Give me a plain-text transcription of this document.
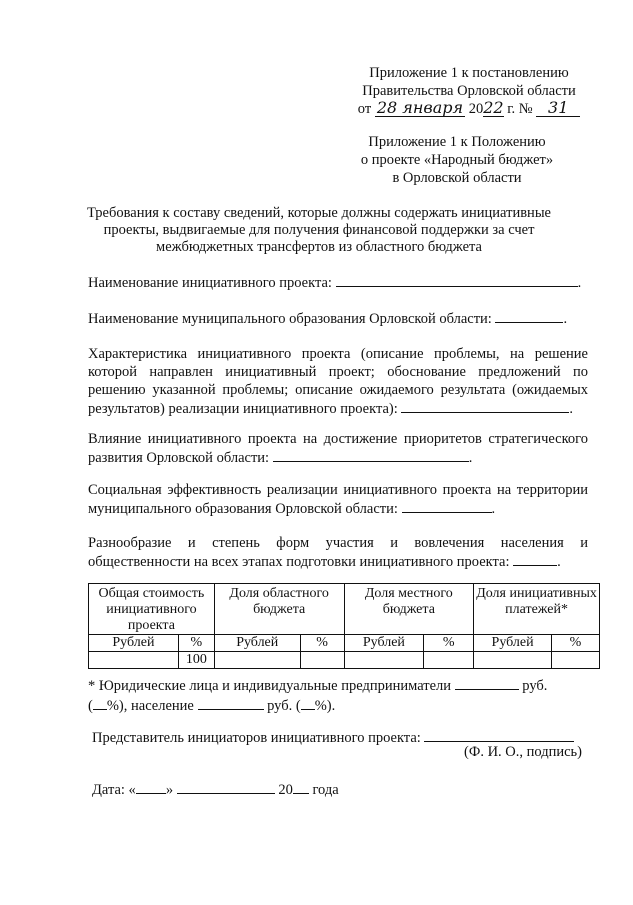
Приложение 1 к постановлению
Правительства Орловской области
от 28 января 2022 г. № 31
Приложение 1 к Положению
о проекте «Народный бюджет»
в Орловской области
Требования к составу сведений, которые должны содержать инициативные
проекты, выдвигаемые для получения финансовой поддержки за счет
межбюджетных трансфертов из областного бюджета
Наименование инициативного проекта:	.
Наименование муниципального образования Орловской области:	.
Характеристика инициативного проекта (описание проблемы, на решение которой направлен инициативный проект; обоснование предложений по решению указанной проблемы; описание ожидаемого результата (ожидаемых результатов) реализации инициативного проекта):	.
Влияние инициативного проекта на достижение приоритетов стратегического развития Орловской области:	.
Социальная эффективность реализации инициативного проекта на территории муниципального образования Орловской области:	.
Разнообразие и степень форм участия и вовлечения населения и общественности на всех этапах подготовки инициативного проекта:	.
Общая стоимость инициативного проекта		Доля областного бюджета		Доля местного бюджета		Доля инициативных платежей*	
Рублей	%	Рублей	%	Рублей	%	Рублей	%
	100						
* Юридические лица и индивидуальные предприниматели	руб.
( %), население	руб. ( %).
Представитель инициаторов инициативного проекта:
(Ф. И. О., подпись)
Дата: « »	20 года
